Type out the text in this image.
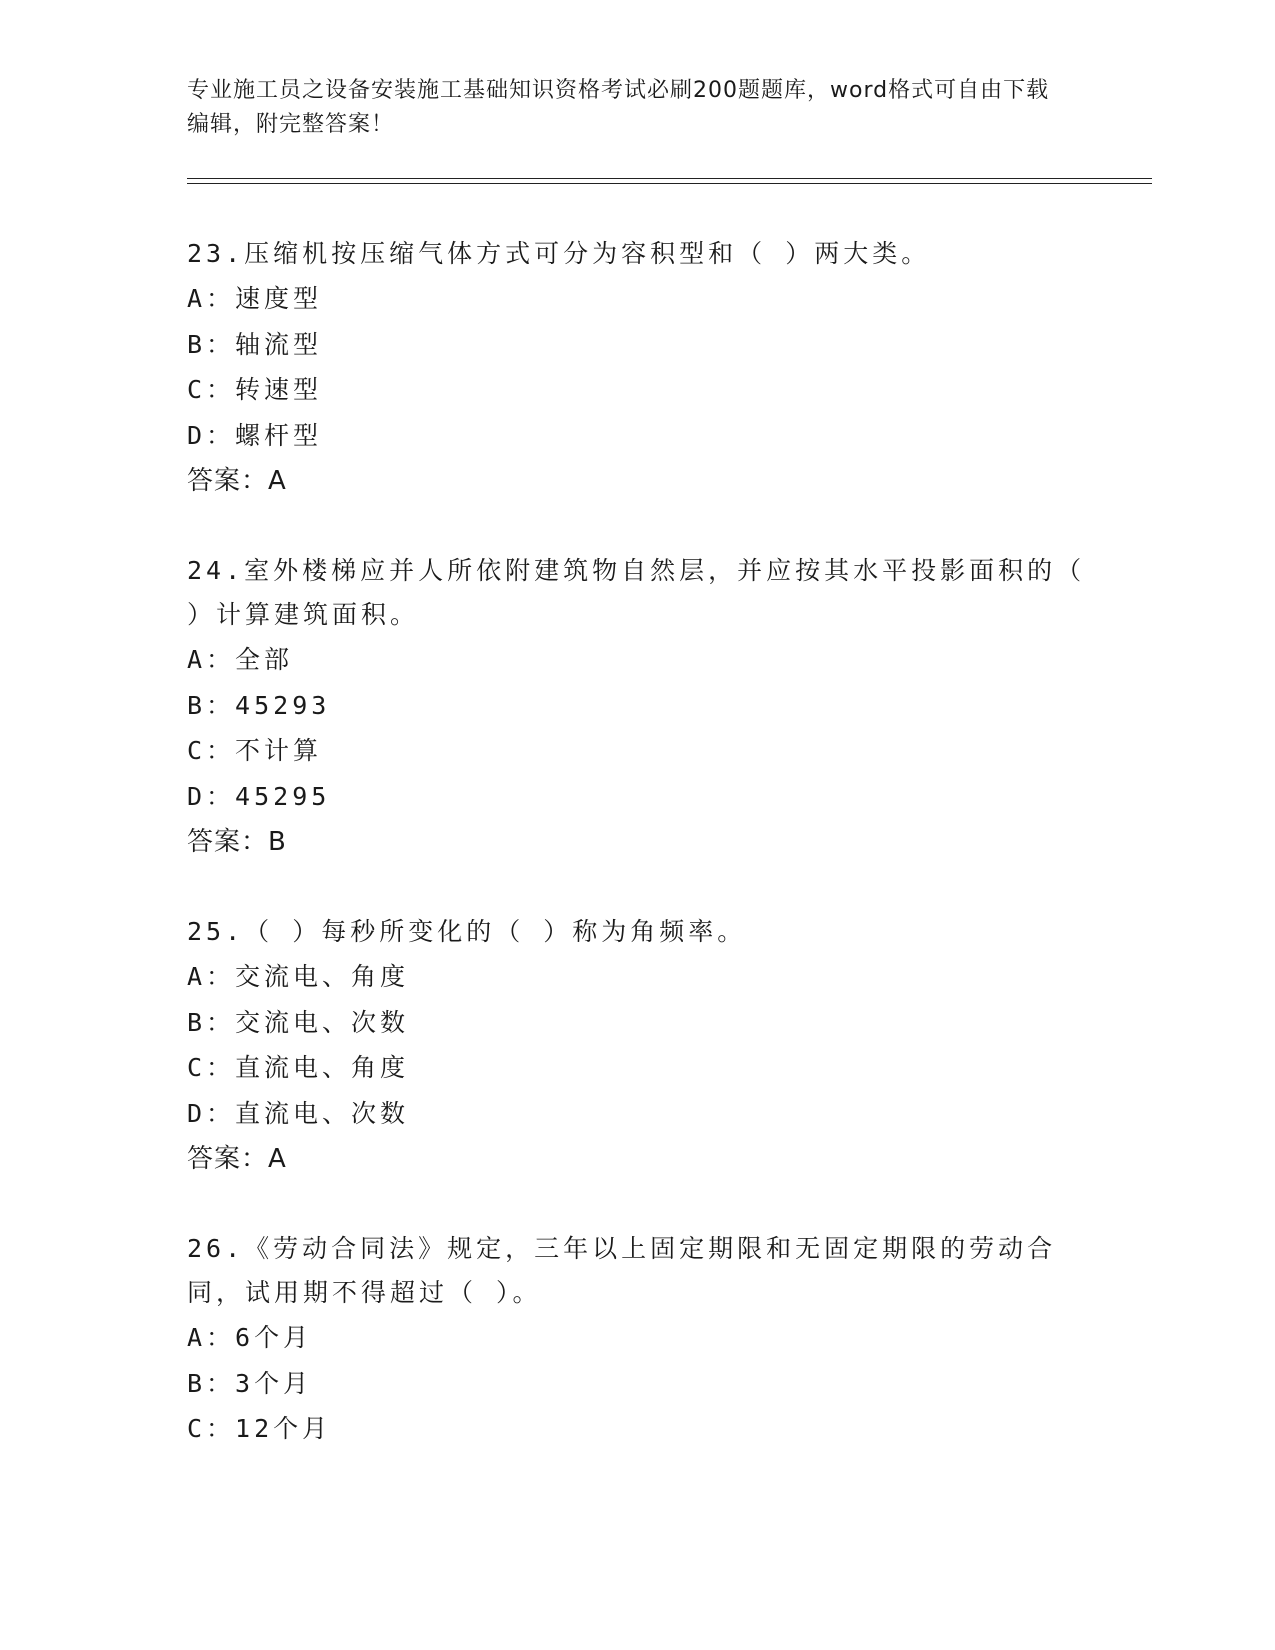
专业施工员之设备安装施工基础知识资格考试必刷200题题库，word格式可自由下载编辑，附完整答案！
23.压缩机按压缩气体方式可分为容积型和（ ）两大类。
A：速度型
B：轴流型
C：转速型
D：螺杆型
答案：A
24.室外楼梯应并人所依附建筑物自然层，并应按其水平投影面积的（ ）计算建筑面积。
A：全部
B：45293
C：不计算
D：45295
答案：B
25.（ ）每秒所变化的（ ）称为角频率。
A：交流电、角度
B：交流电、次数
C：直流电、角度
D：直流电、次数
答案：A
26.《劳动合同法》规定，三年以上固定期限和无固定期限的劳动合同，试用期不得超过（ ）。
A：6个月
B：3个月
C：12个月
